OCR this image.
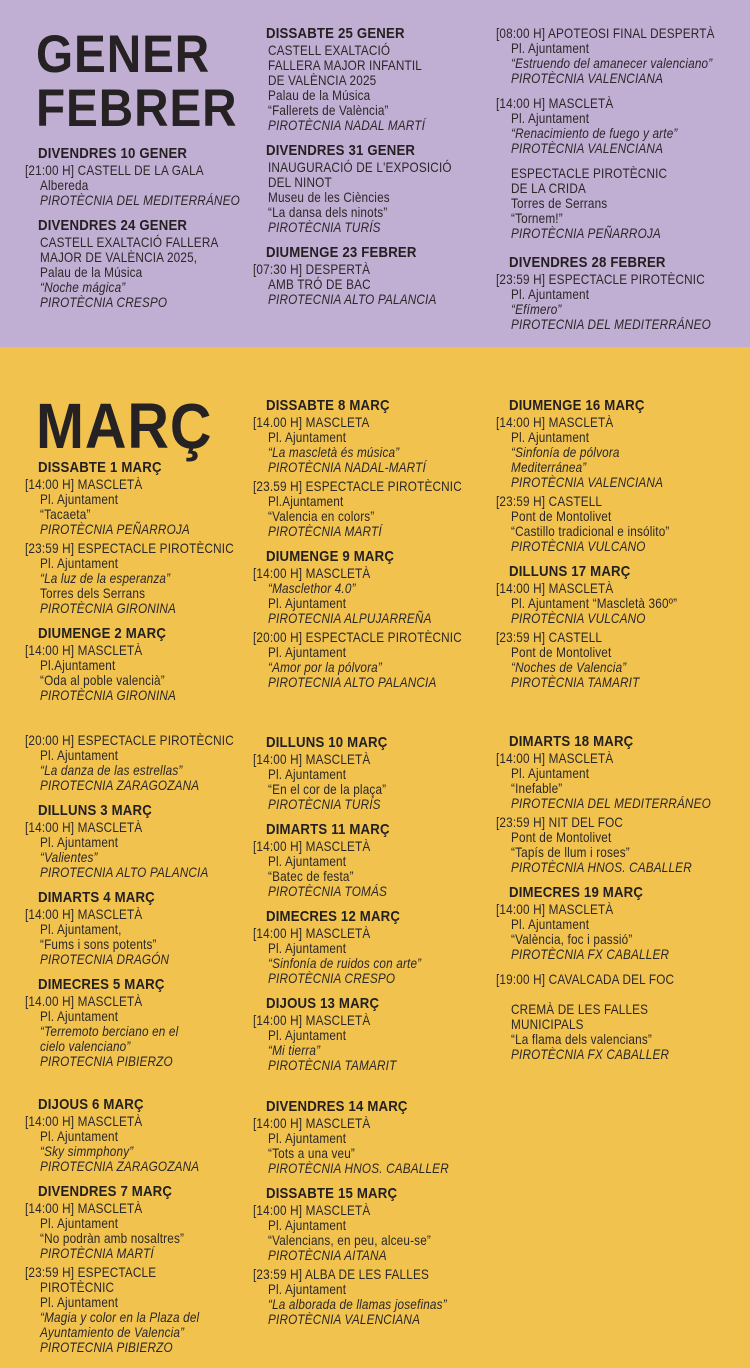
GENER
FEBRER
DIVENDRES 10 GENER
[21:00 H] CASTELL DE LA GALA
Albereda
PIROTÈCNIA DEL MEDITERRÁNEO
DIVENDRES 24 GENER
CASTELL EXALTACIÓ FALLERA
MAJOR DE VALÈNCIA 2025,
Palau de la Música
“Noche mágica”
PIROTÈCNIA CRESPO
DISSABTE 25 GENER
CASTELL EXALTACIÓ
FALLERA MAJOR INFANTIL
DE VALÈNCIA 2025
Palau de la Música
“Fallerets de València”
PIROTÈCNIA NADAL MARTÍ
DIVENDRES 31 GENER
INAUGURACIÓ DE L'EXPOSICIÓ
DEL NINOT
Museu de les Ciències
“La dansa dels ninots”
PIROTÈCNIA TURÍS
DIUMENGE 23 FEBRER
[07:30 H] DESPERTÀ
AMB TRÓ DE BAC
PIROTECNIA ALTO PALANCIA
[08:00 H] APOTEOSI FINAL DESPERTÀ
Pl. Ajuntament
“Estruendo del amanecer valenciano”
PIROTÈCNIA VALENCIANA
[14:00 H] MASCLETÀ
Pl. Ajuntament
“Renacimiento de fuego y arte”
PIROTÈCNIA VALENCIANA
ESPECTACLE PIROTÈCNIC
DE LA CRIDA
Torres de Serrans
“Tornem!”
PIROTÈCNIA PEÑARROJA
DIVENDRES 28 FEBRER
[23:59 H] ESPECTACLE PIROTÈCNIC
Pl. Ajuntament
“Efímero”
PIROTECNIA DEL MEDITERRÁNEO
MARÇ
DISSABTE 1 MARÇ
[14:00 H] MASCLETÀ
Pl. Ajuntament
“Tacaeta”
PIROTÈCNIA PEÑARROJA
[23:59 H] ESPECTACLE PIROTÈCNIC
Pl. Ajuntament
“La luz de la esperanza”
Torres dels Serrans
PIROTÈCNIA GIRONINA
DIUMENGE 2 MARÇ
[14:00 H] MASCLETÀ
Pl.Ajuntament
“Oda al poble valencià”
PIROTÈCNIA GIRONINA
[20:00 H] ESPECTACLE PIROTÈCNIC
Pl. Ajuntament
“La danza de las estrellas”
PIROTECNIA ZARAGOZANA
DILLUNS 3 MARÇ
[14:00 H] MASCLETÀ
Pl. Ajuntament
“Valientes”
PIROTECNIA ALTO PALANCIA
DIMARTS 4 MARÇ
[14:00 H] MASCLETÀ
Pl. Ajuntament,
“Fums i sons potents”
PIROTECNIA DRAGÓN
DIMECRES 5 MARÇ
[14.00 H] MASCLETÀ
Pl. Ajuntament
“Terremoto berciano en el
cielo valenciano”
PIROTECNIA PIBIERZO
DIJOUS 6 MARÇ
[14:00 H] MASCLETÀ
Pl. Ajuntament
“Sky simmphony”
PIROTECNIA ZARAGOZANA
DIVENDRES 7 MARÇ
[14:00 H] MASCLETÀ
Pl. Ajuntament
“No podràn amb nosaltres”
PIROTÈCNIA MARTÍ
[23:59 H] ESPECTACLE
PIROTÈCNIC
Pl. Ajuntament
“Magia y color en la Plaza del
Ayuntamiento de Valencia”
PIROTECNIA PIBIERZO
DISSABTE 8 MARÇ
[14.00 H] MASCLETA
Pl. Ajuntament
“La mascletà és música”
PIROTÈCNIA NADAL-MARTÍ
[23.59 H] ESPECTACLE PIROTÈCNIC
Pl.Ajuntament
“Valencia en colors”
PIROTÈCNIA MARTÍ
DIUMENGE 9 MARÇ
[14:00 H] MASCLETÀ
“Masclethor 4.0”
Pl. Ajuntament
PIROTECNIA ALPUJARREÑA
[20:00 H] ESPECTACLE PIROTÈCNIC
Pl. Ajuntament
“Amor por la pólvora”
PIROTECNIA ALTO PALANCIA
DILLUNS 10 MARÇ
[14:00 H] MASCLETÀ
Pl. Ajuntament
“En el cor de la plaça”
PIROTÈCNIA TURÍS
DIMARTS 11 MARÇ
[14:00 H] MASCLETÀ
Pl. Ajuntament
“Batec de festa”
PIROTÈCNIA TOMÁS
DIMECRES 12 MARÇ
[14:00 H] MASCLETÀ
Pl. Ajuntament
“Sinfonía de ruidos con arte”
PIROTÈCNIA CRESPO
DIJOUS 13 MARÇ
[14:00 H] MASCLETÀ
Pl. Ajuntament
“Mi tierra”
PIROTÈCNIA TAMARIT
DIVENDRES 14 MARÇ
[14:00 H] MASCLETÀ
Pl. Ajuntament
“Tots a una veu”
PIROTÈCNIA HNOS. CABALLER
DISSABTE 15 MARÇ
[14:00 H] MASCLETÀ
Pl. Ajuntament
“Valencians, en peu, alceu-se”
PIROTÈCNIA AITANA
[23:59 H] ALBA DE LES FALLES
Pl. Ajuntament
“La alborada de llamas josefinas”
PIROTÈCNIA VALENCIANA
DIUMENGE 16 MARÇ
[14:00 H] MASCLETÀ
Pl. Ajuntament
“Sinfonía de pólvora
Mediterránea”
PIROTÈCNIA VALENCIANA
[23:59 H] CASTELL
Pont de Montolivet
“Castillo tradicional e insólito”
PIROTÈCNIA VULCANO
DILLUNS 17 MARÇ
[14:00 H] MASCLETÀ
Pl. Ajuntament “Mascletà 360º”
PIROTÈCNIA VULCANO
[23:59 H] CASTELL
Pont de Montolivet
“Noches de Valencia”
PIROTÈCNIA TAMARIT
DIMARTS 18 MARÇ
[14:00 H] MASCLETÀ
Pl. Ajuntament
“Inefable”
PIROTECNIA DEL MEDITERRÁNEO
[23:59 H] NIT DEL FOC
Pont de Montolivet
“Tapís de llum i roses”
PIROTÈCNIA HNOS. CABALLER
DIMECRES 19 MARÇ
[14:00 H] MASCLETÀ
Pl. Ajuntament
“València, foc i passió”
PIROTÈCNIA FX CABALLER
[19:00 H] CAVALCADA DEL FOC
CREMÀ DE LES FALLES
MUNICIPALS
“La flama dels valencians”
PIROTÈCNIA FX CABALLER
